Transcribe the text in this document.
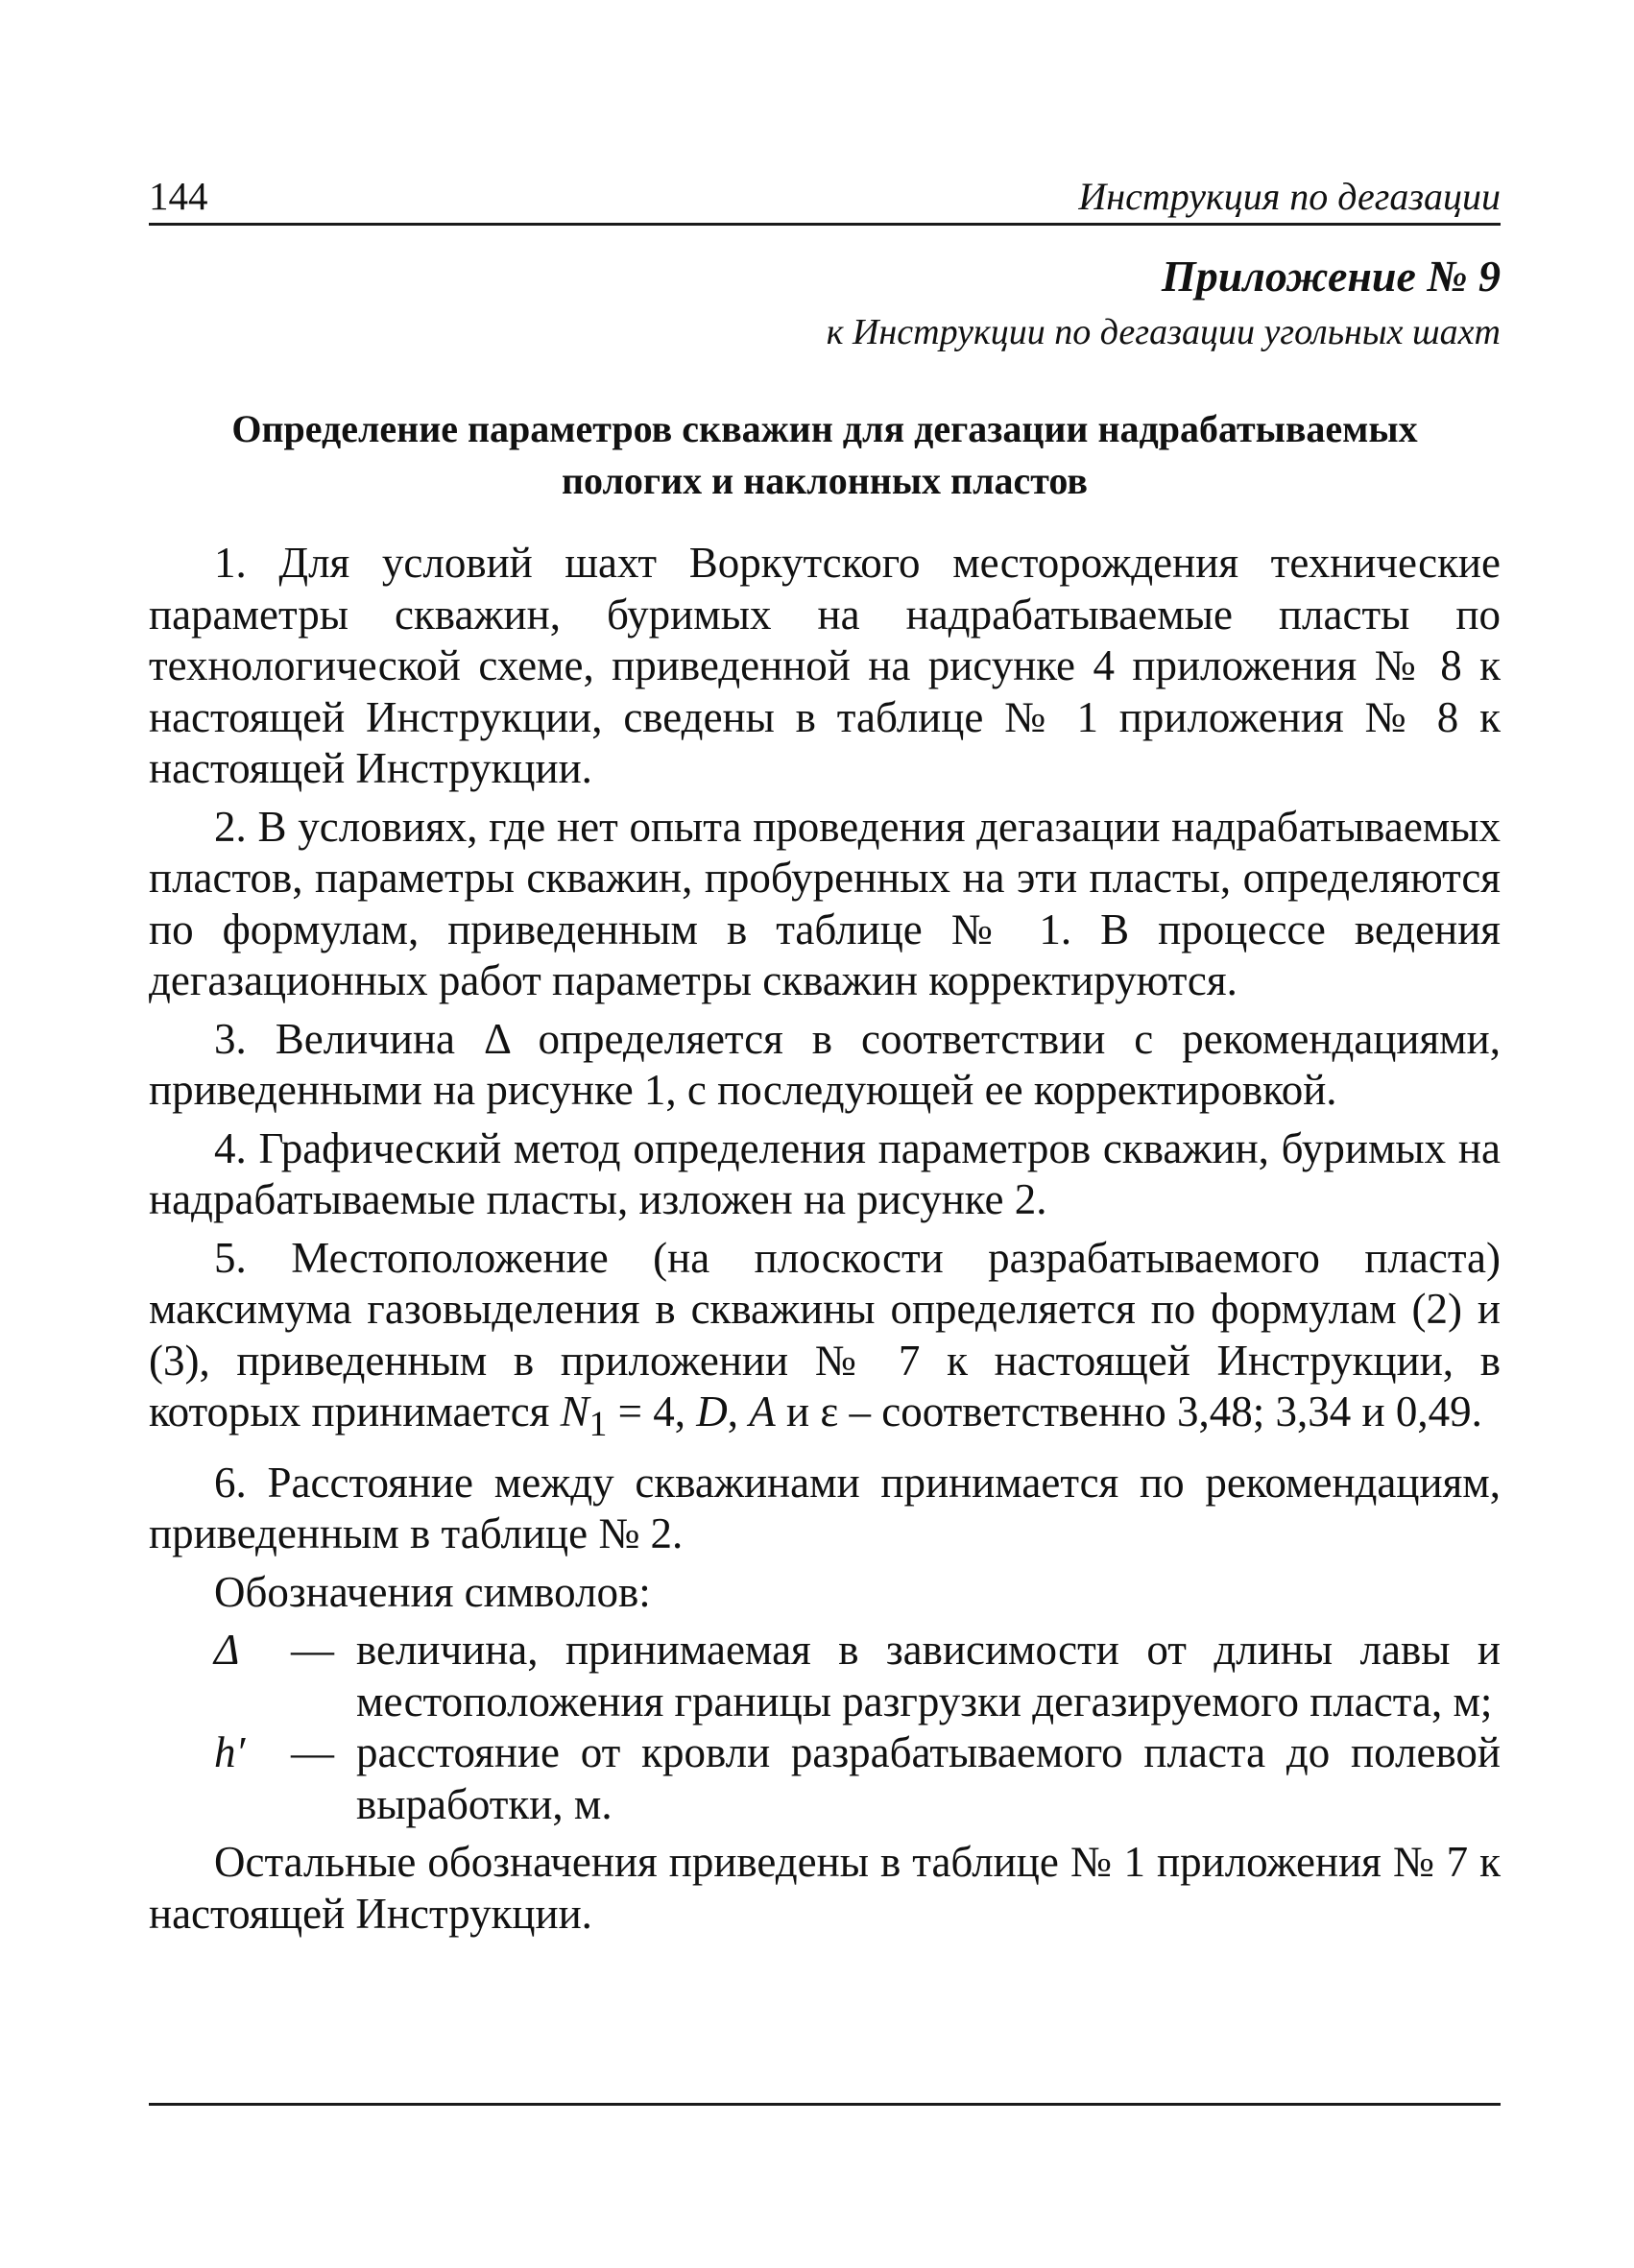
144	Инструкция по дегазации
Приложение № 9
к Инструкции по дегазации угольных шахт
Определение параметров скважин для дегазации надрабатываемых
пологих и наклонных пластов

1. Для условий шахт Воркутского месторождения технические параметры скважин, буримых на надрабатываемые пласты по технологической схеме, приведенной на рисунке 4 приложения № 8 к настоящей Инструкции, сведены в таблице № 1 приложения № 8 к настоящей Инструкции.

2. В условиях, где нет опыта проведения дегазации надрабатываемых пластов, параметры скважин, пробуренных на эти пласты, определяются по формулам, приведенным в таблице № 1. В процессе ведения дегазационных работ параметры скважин корректируются.

3. Величина Δ определяется в соответствии с рекомендациями, приведенными на рисунке 1, с последующей ее корректировкой.

4. Графический метод определения параметров скважин, буримых на надрабатываемые пласты, изложен на рисунке 2.

5. Местоположение (на плоскости разрабатываемого пласта) максимума газовыделения в скважины определяется по формулам (2) и (3), приведенным в приложении № 7 к настоящей Инструкции, в которых принимается $N_1 = 4$, D, A и ε – соответственно 3,48; 3,34 и 0,49.

6. Расстояние между скважинами принимается по рекомендациям, приведенным в таблице № 2.

Обозначения символов:

Δ	— величина, принимаемая в зависимости от длины лавы и местоположения границы разгрузки дегазируемого пласта, м;
h′	— расстояние от кровли разрабатываемого пласта до полевой выработки, м.

Остальные обозначения приведены в таблице № 1 приложения № 7 к настоящей Инструкции.
